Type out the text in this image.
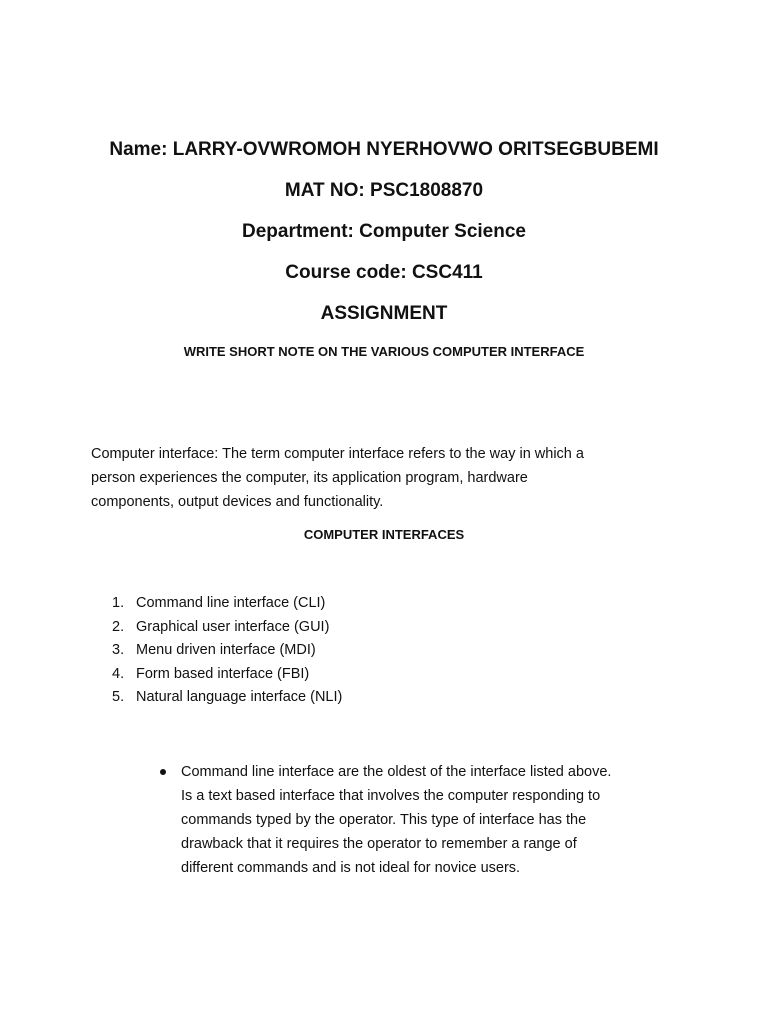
Name: LARRY-OVWROMOH NYERHOVWO ORITSEGBUBEMI
MAT NO: PSC1808870
Department: Computer Science
Course code: CSC411
ASSIGNMENT
WRITE SHORT NOTE ON THE VARIOUS COMPUTER INTERFACE
Computer interface: The term computer interface refers to the way in which a
person experiences the computer, its application program, hardware
components, output devices and functionality.
COMPUTER INTERFACES
1. Command line interface (CLI)
2. Graphical user interface (GUI)
3. Menu driven interface (MDI)
4. Form based interface (FBI)
5. Natural language interface (NLI)
Command line interface are the oldest of the interface listed above.
Is a text based interface that involves the computer responding to
commands typed by the operator. This type of interface has the
drawback that it requires the operator to remember a range of
different commands and is not ideal for novice users.
